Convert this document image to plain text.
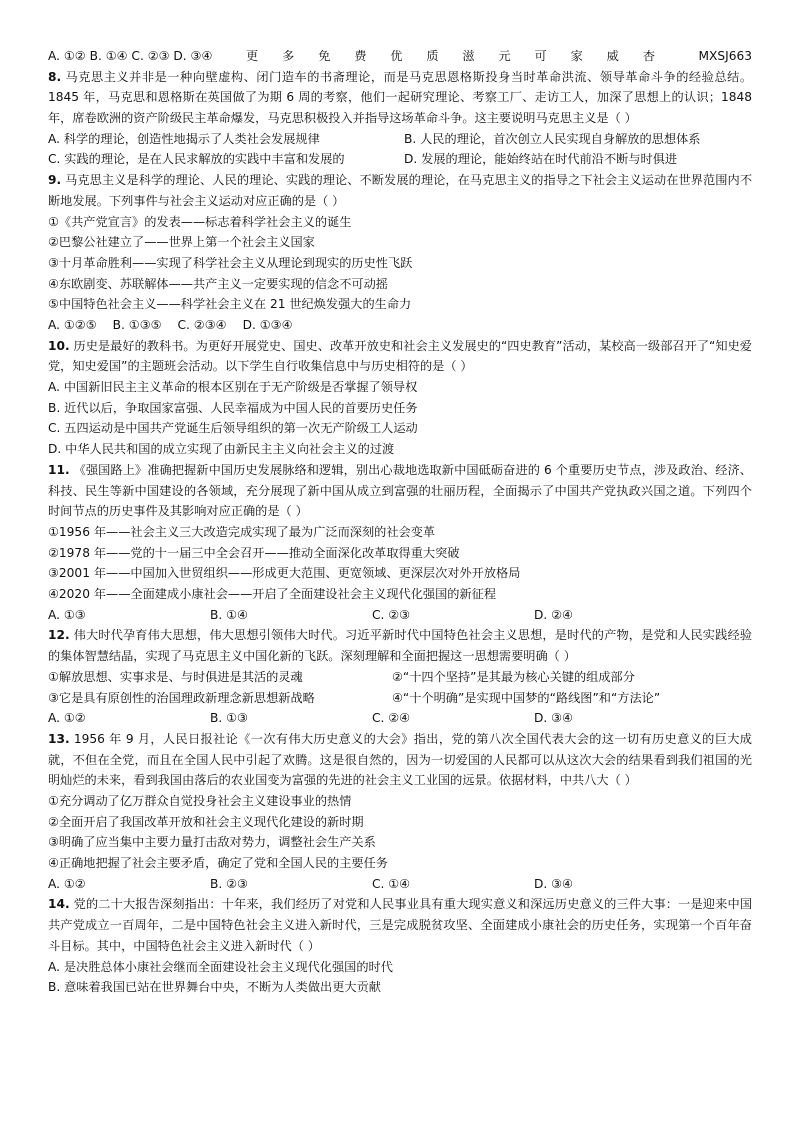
A. ①② B. ①④ C. ②③ D. ③④	更 多 免 费 优 质 滋 元 可 家 威 杏	MXSJ663
8. 马克思主义并非是一种向壁虚构、闭门造车的书斋理论，而是马克思恩格斯投身当时革命洪流、领导革命斗争的经验总结。1845 年，马克思和恩格斯在英国做了为期 6 周的考察，他们一起研究理论、考察工厂、走访工人，加深了思想上的认识；1848 年，席卷欧洲的资产阶级民主革命爆发，马克思积极投入并指导这场革命斗争。这主要说明马克思主义是（ ）
A. 科学的理论，创造性地揭示了人类社会发展规律	B. 人民的理论，首次创立人民实现自身解放的思想体系
C. 实践的理论，是在人民求解放的实践中丰富和发展的	D. 发展的理论，能始终站在时代前沿不断与时俱进
9. 马克思主义是科学的理论、人民的理论、实践的理论、不断发展的理论，在马克思主义的指导之下社会主义运动在世界范围内不断地发展。下列事件与社会主义运动对应正确的是（ ）
①《共产党宣言》的发表——标志着科学社会主义的诞生
②巴黎公社建立了——世界上第一个社会主义国家
③十月革命胜利——实现了科学社会主义从理论到现实的历史性飞跃
④东欧剧变、苏联解体——共产主义一定要实现的信念不可动摇
⑤中国特色社会主义——科学社会主义在 21 世纪焕发强大的生命力
A. ①②⑤ B. ①③⑤ C. ②③④ D. ①③④
10. 历史是最好的教科书。为更好开展党史、国史、改革开放史和社会主义发展史的“四史教育”活动，某校高一级部召开了“知史爱党，知史爱国”的主题班会活动。以下学生自行收集信息中与历史相符的是（ ）
A. 中国新旧民主主义革命的根本区别在于无产阶级是否掌握了领导权
B. 近代以后，争取国家富强、人民幸福成为中国人民的首要历史任务
C. 五四运动是中国共产党诞生后领导组织的第一次无产阶级工人运动
D. 中华人民共和国的成立实现了由新民主主义向社会主义的过渡
11. 《强国路上》准确把握新中国历史发展脉络和逻辑，别出心裁地选取新中国砥砺奋进的 6 个重要历史节点，涉及政治、经济、科技、民生等新中国建设的各领域，充分展现了新中国从成立到富强的壮丽历程，全面揭示了中国共产党执政兴国之道。下列四个时间节点的历史事件及其影响对应正确的是（ ）
①1956 年——社会主义三大改造完成实现了最为广泛而深刻的社会变革
②1978 年——党的十一届三中全会召开——推动全面深化改革取得重大突破
③2001 年——中国加入世贸组织——形成更大范围、更宽领域、更深层次对外开放格局
④2020 年——全面建成小康社会——开启了全面建设社会主义现代化强国的新征程
A. ①③	B. ①④	C. ②③	D. ②④
12. 伟大时代孕育伟大思想，伟大思想引领伟大时代。习近平新时代中国特色社会主义思想，是时代的产物，是党和人民实践经验的集体智慧结晶，实现了马克思主义中国化新的飞跃。深刻理解和全面把握这一思想需要明确（ ）
①解放思想、实事求是、与时俱进是其活的灵魂	②“十四个坚持”是其最为核心关键的组成部分
③它是具有原创性的治国理政新理念新思想新战略	④“十个明确”是实现中国梦的“路线图”和“方法论”
A. ①②	B. ①③	C. ②④	D. ③④
13. 1956 年 9 月，人民日报社论《一次有伟大历史意义的大会》指出，党的第八次全国代表大会的这一切有历史意义的巨大成就，不但在全党，而且在全国人民中引起了欢腾。这是很自然的，因为一切爱国的人民都可以从这次大会的结果看到我们祖国的光明灿烂的未来，看到我国由落后的农业国变为富强的先进的社会主义工业国的远景。依据材料，中共八大（ ）
①充分调动了亿万群众自觉投身社会主义建设事业的热情
②全面开启了我国改革开放和社会主义现代化建设的新时期
③明确了应当集中主要力量打击敌对势力，调整社会生产关系
④正确地把握了社会主要矛盾，确定了党和全国人民的主要任务
A. ①②	B. ②③	C. ①④	D. ③④
14. 党的二十大报告深刻指出：十年来，我们经历了对党和人民事业具有重大现实意义和深远历史意义的三件大事：一是迎来中国共产党成立一百周年，二是中国特色社会主义进入新时代，三是完成脱贫攻坚、全面建成小康社会的历史任务，实现第一个百年奋斗目标。其中，中国特色社会主义进入新时代（ ）
A. 是决胜总体小康社会继而全面建设社会主义现代化强国的时代
B. 意味着我国已站在世界舞台中央，不断为人类做出更大贡献
